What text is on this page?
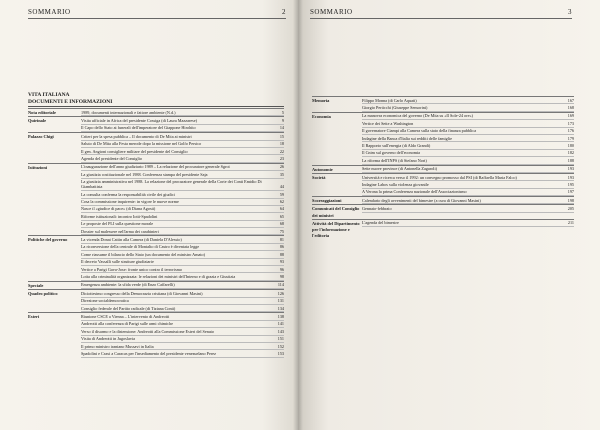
SOMMARIO	2
VITA ITALIANA
DOCUMENTI E INFORMAZIONI
Nota editoriale	1989, documenti internazionali e fattore ambiente (N.d.)	5
Quirinale	Visita ufficiale in Africa del presidente Cossiga (di Laura Mazzarese)	9
Il Capo dello Stato ai funerali dell'imperatore del Giappone Hirohito	14
Palazzo Chigi	Criteri per la spesa pubblica – Il documento di De Mita ai ministri	15
Saluto di De Mita alla Festa merode dopo la missione nel Golfo Persico	18
Il gen. Angioni consigliere militare del presidente del Consiglio	22
Agenda del presidente del Consiglio	23
Istituzioni	L'inaugurazione dell'anno giudiziario 1989 – La relazione del procuratore generale Sgroi	26
La giustizia costituzionale nel 1988. Conferenza stampa del presidente Saja	35
La giustizia amministrativa nel 1988. La relazione del procuratore generale della Corte dei Conti Emidio Di Giambattista	44
La consulta conferma la responsabilità civile dei giudici	59
Cosa la commissione inquirente: in vigore le nuove norme	62
Nasce il «giudice di pace» (di Diana Agosti)	64
Riforme istituzionali: incontro Iotti-Spadolini	65
Le proposte del PLI sulla questione morale	68
Dossier sul malessere nell'arma dei carabinieri	75
Politiche del governo	La vicenda Donat Cattin alla Camera (di Daniela D'Alessio)	81
La riconversione della centrale di Montalto di Castro è diventata legge	86
Come riassume il bilancio dello Stato (un documento del ministro Amato)	88
Il decreto Vassalli sulle strutture giudiziarie	93
Vertice a Parigi Gava-Joxe: fronte unico contro il terrorismo	96
Lotta alla criminalità organizzata: le relazioni dei ministri dell'Interno e di grazia e Giustizia	98
Speciale	Emergenza ambiente: la sfida verde (di Enzo Caffarelli)	114
Quadro politico	Diciottesimo congresso della Democrazia cristiana (di Giovanni Masini)	126
Direzione socialdemocratica	131
Consiglio federale del Partito radicale (di Tiziana Conti)	134
Esteri	Riunione CSCE a Vienna – L'intervento di Andreotti	138
Andreotti alla conferenza di Parigi sulle armi chimiche	141
Verso il disarmo e la distensione: Andreotti alla Commissione Esteri del Senato	143
Visita di Andreotti in Jugoslavia	151
Il primo ministro iraniano Mussavi in Italia	152
Spadolini e Craxi a Caracas per l'insediamento del presidente venezuelano Perez	153
SOMMARIO	3
Memoria	Filippo Monna (di Carlo Aquati)	167
Giorgio Perticchi (Giuseppe Sensorini)	168
Economia	La manovra economica del governo (De Mita su «Il Sole-24 ore»)	169
Vertice dei Sette a Washington	173
Il governatore Ciampi alla Camera sulla stato della finanza pubblica	176
Indagine della Banca d'Italia sui redditi delle famiglie	179
Il Rapporto sull'energia (di Aldo Grandi)	180
Il Cnim sul governo dell'economia	182
La riforma dell'INPS (di Stefano Nori)	188
Autonomie	Sette nuove province (di Antonella Zagaroli)	193
Società	Università e ricerca verso il 1992: un convegno promosso dal PSI (di Raffaella Maria Falco)	193
Indagine Labos sulla violenza giovanile	195
A Verona la prima Conferenza nazionale dell'Associazionismo	197
Scoreaggiazioni	Calendario degli avvenimenti del bimestre (a cura di Giovanni Masini)	198
Comunicati del Consiglio dei ministri
Gennaio-febbraio	205
Attività del Dipartimento per l'informazione e l'editoria
L'agenda del bimestre	211
